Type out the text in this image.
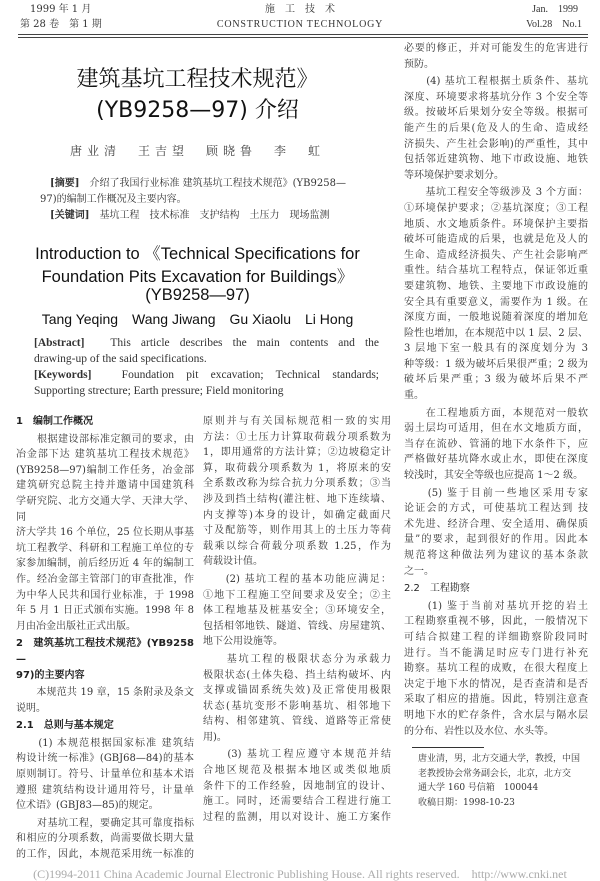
1999 年 1 月
第 28 卷　第 1 期
施　工　技　术
CONSTRUCTION TECHNOLOGY
Jan.　1999
Vol.28　No.1
建筑基坑工程技术规范》
(YB9258—97) 介绍
唐业清　王吉望　顾晓鲁　李　虹
[摘要]　 介绍了我国行业标准 建筑基坑工程技术规范》(YB9258—
97)的编制工作概况及主要内容。
[关键词]　 基坑工程　技术标准　支护结构　土压力　现场监测
Introduction to 《Technical Specifications for
Foundation Pits Excavation for Buildings》
(YB9258—97)
Tang Yeqing　Wang Jiwang　Gu Xiaolu　Li Hong
[Abstract]　 This article describes the main contents and the
drawing-up of the said specifications.
[Keywords]　	Foundation pit excavation; Technical standards;
Supporting strecture; Earth pressure; Field monitoring
1　编制工作概况
　　根据建设部标准定额司的要求，由
冶金部下达 建筑基坑工程技术规范》
(YB9258—97)编制工作任务，冶金部
建筑研究总院主持并邀请中国建筑科
学研究院、北方交通大学、天津大学、同
济大学共 16 个单位，25 位长期从事基
坑工程教学、科研和工程施工单位的专
家参加编制，前后经历近 4 年的编制工
作。经冶金部主管部门的审查批准，作
为中华人民共和国行业标准，于 1998
年 5 月 1 日正式颁布实施。1998 年 8
月由冶金出版社正式出版。
2　建筑基坑工程技术规范》(YB9258—
97)的主要内容
　　本规范共 19 章，15 条附录及条文
说明。
2.1　总则与基本规定
　　(1) 本规范根据国家标准 建筑结
构设计统一标准》(GBJ68—84)的基本
原则制订。符号、计量单位和基本术语
遵照 建筑结构设计通用符号，计量单
位术语》(GBJ83—85)的规定。
　　对基坑工程，要确定其可靠度指标
和相应的分项系数，尚需要做长期大量
的工作，因此，本规范采用统一标准的
原则并与有关国标规范相一致的实用
方法：①土压力计算取荷载分项系数为
1，即用通常的方法计算；②边坡稳定计
算，取荷载分项系数为 1，将原来的安
全系数改称为综合抗力分项系数；③当
涉及到挡土结构(灌注桩、地下连续墙、
内支撑等)本身的设计，如确定截面尺
寸及配筋等，则作用其上的土压力等荷
载乘以综合荷载分项系数 1.25，作为
荷载设计值。
　　(2) 基坑工程的基本功能应满足：
①地下工程施工空间要求及安全；②主
体工程地基及桩基安全；③环境安全，
包括相邻地铁、隧道、管线、房屋建筑、
地下公用设施等。
　　基坑工程的极限状态分为承载力
极限状态(土体失稳、挡土结构破坏、内
支撑或锚固系统失效)及正常使用极限
状态(基坑变形不影响基坑、相邻地下
结构、相邻建筑、管线、道路等正常使
用)。
　　(3) 基坑工程应遵守本规范并结
合地区规范及根据本地区或类似地质
条件下的工作经验，因地制宜的设计、
施工。同时，还需要结合工程进行施工
过程的监测，用以对设计、施工方案作
必要的修正，并对可能发生的危害进行
预防。
　　(4) 基坑工程根据土质条件、基坑
深度、环境要求将基坑分作 3 个安全等
级。按破坏后果划分安全等级。根据可
能产生的后果(危及人的生命、造成经
济损失、产生社会影响)的严重性，其中
包括邻近建筑物、地下市政设施、地铁
等环境保护要求划分。
　　基坑工程安全等级涉及 3 个方面：
①环境保护要求；②基坑深度；③工程
地质、水文地质条件。环境保护主要指
破坏可能造成的后果，也就是危及人的
生命、造成经济损失、产生社会影响严
重性。结合基坑工程特点，保证邻近重
要建筑物、地铁、主要地下市政设施的
安全具有重要意义，需要作为 1 级。在
深度方面，一般地说随着深度的增加危
险性也增加，在本规范中以 1 层、2 层、
3 层地下室一般具有的深度划分为 3
种等级：1 级为破坏后果很严重；2 级为
破坏后果严重；3 级为破坏后果不严
重。
　　在工程地质方面，本规范对一般软
弱土层均可适用，但在水文地质方面，
当存在流砂、管涌的地下水条件下，应
严格做好基坑降水或止水，即使在深度
较浅时，其安全等级也应提高 1～2 级。
　　(5) 鉴于目前一些地区采用专家
论证会的方式，可使基坑工程达到 技
术先进、经济合理、安全适用、确保质
量”的要求，起到很好的作用。因此本
规范将这种做法列为建议的基本条款
之一。
2.2　工程勘察
　　(1) 鉴于当前对基坑开挖的岩土
工程勘察重视不够，因此，一般情况下
可结合拟建工程的详细勘察阶段同时
进行。当不能满足时应专门进行补充
勘察。基坑工程的成败，在很大程度上
决定于地下水的情况，是否查清和是否
采取了相应的措施。因此，特别注意查
明地下水的贮存条件，含水层与隔水层
的分布、岩性以及水位、水头等。
唐业清，男，北方交通大学，教授，中国
老教授协会常务副会长，北京，北方交
通大学 160 号信箱　100044
收稿日期：1998-10-23
(C)1994-2011 China Academic Journal Electronic Publishing House. All rights reserved.　http://www.cnki.net
